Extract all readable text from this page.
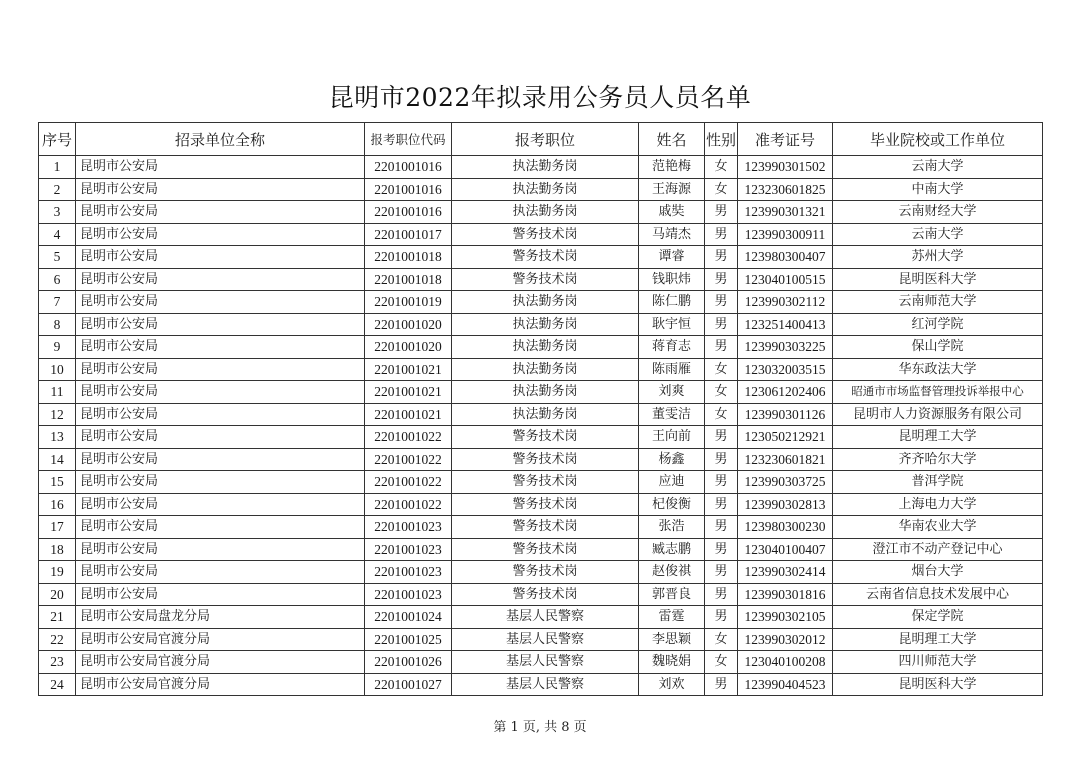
昆明市2022年拟录用公务员人员名单
序号	招录单位全称	报考职位代码	报考职位	姓名	性别	准考证号	毕业院校或工作单位
1	昆明市公安局	2201001016	执法勤务岗	范艳梅	女	123990301502	云南大学
2	昆明市公安局	2201001016	执法勤务岗	王海源	女	123230601825	中南大学
3	昆明市公安局	2201001016	执法勤务岗	戚奘	男	123990301321	云南财经大学
4	昆明市公安局	2201001017	警务技术岗	马靖杰	男	123990300911	云南大学
5	昆明市公安局	2201001018	警务技术岗	谭睿	男	123980300407	苏州大学
6	昆明市公安局	2201001018	警务技术岗	钱职炜	男	123040100515	昆明医科大学
7	昆明市公安局	2201001019	执法勤务岗	陈仁鹏	男	123990302112	云南师范大学
8	昆明市公安局	2201001020	执法勤务岗	耿宇恒	男	123251400413	红河学院
9	昆明市公安局	2201001020	执法勤务岗	蒋育志	男	123990303225	保山学院
10	昆明市公安局	2201001021	执法勤务岗	陈雨雁	女	123032003515	华东政法大学
11	昆明市公安局	2201001021	执法勤务岗	刘爽	女	123061202406	昭通市市场监督管理投诉举报中心
12	昆明市公安局	2201001021	执法勤务岗	董雯洁	女	123990301126	昆明市人力资源服务有限公司
13	昆明市公安局	2201001022	警务技术岗	王向前	男	123050212921	昆明理工大学
14	昆明市公安局	2201001022	警务技术岗	杨鑫	男	123230601821	齐齐哈尔大学
15	昆明市公安局	2201001022	警务技术岗	应迪	男	123990303725	普洱学院
16	昆明市公安局	2201001022	警务技术岗	杞俊衡	男	123990302813	上海电力大学
17	昆明市公安局	2201001023	警务技术岗	张浩	男	123980300230	华南农业大学
18	昆明市公安局	2201001023	警务技术岗	臧志鹏	男	123040100407	澄江市不动产登记中心
19	昆明市公安局	2201001023	警务技术岗	赵俊祺	男	123990302414	烟台大学
20	昆明市公安局	2201001023	警务技术岗	郭晋良	男	123990301816	云南省信息技术发展中心
21	昆明市公安局盘龙分局	2201001024	基层人民警察	雷霆	男	123990302105	保定学院
22	昆明市公安局官渡分局	2201001025	基层人民警察	李思颖	女	123990302012	昆明理工大学
23	昆明市公安局官渡分局	2201001026	基层人民警察	魏晓娟	女	123040100208	四川师范大学
24	昆明市公安局官渡分局	2201001027	基层人民警察	刘欢	男	123990404523	昆明医科大学
第 1 页, 共 8 页
